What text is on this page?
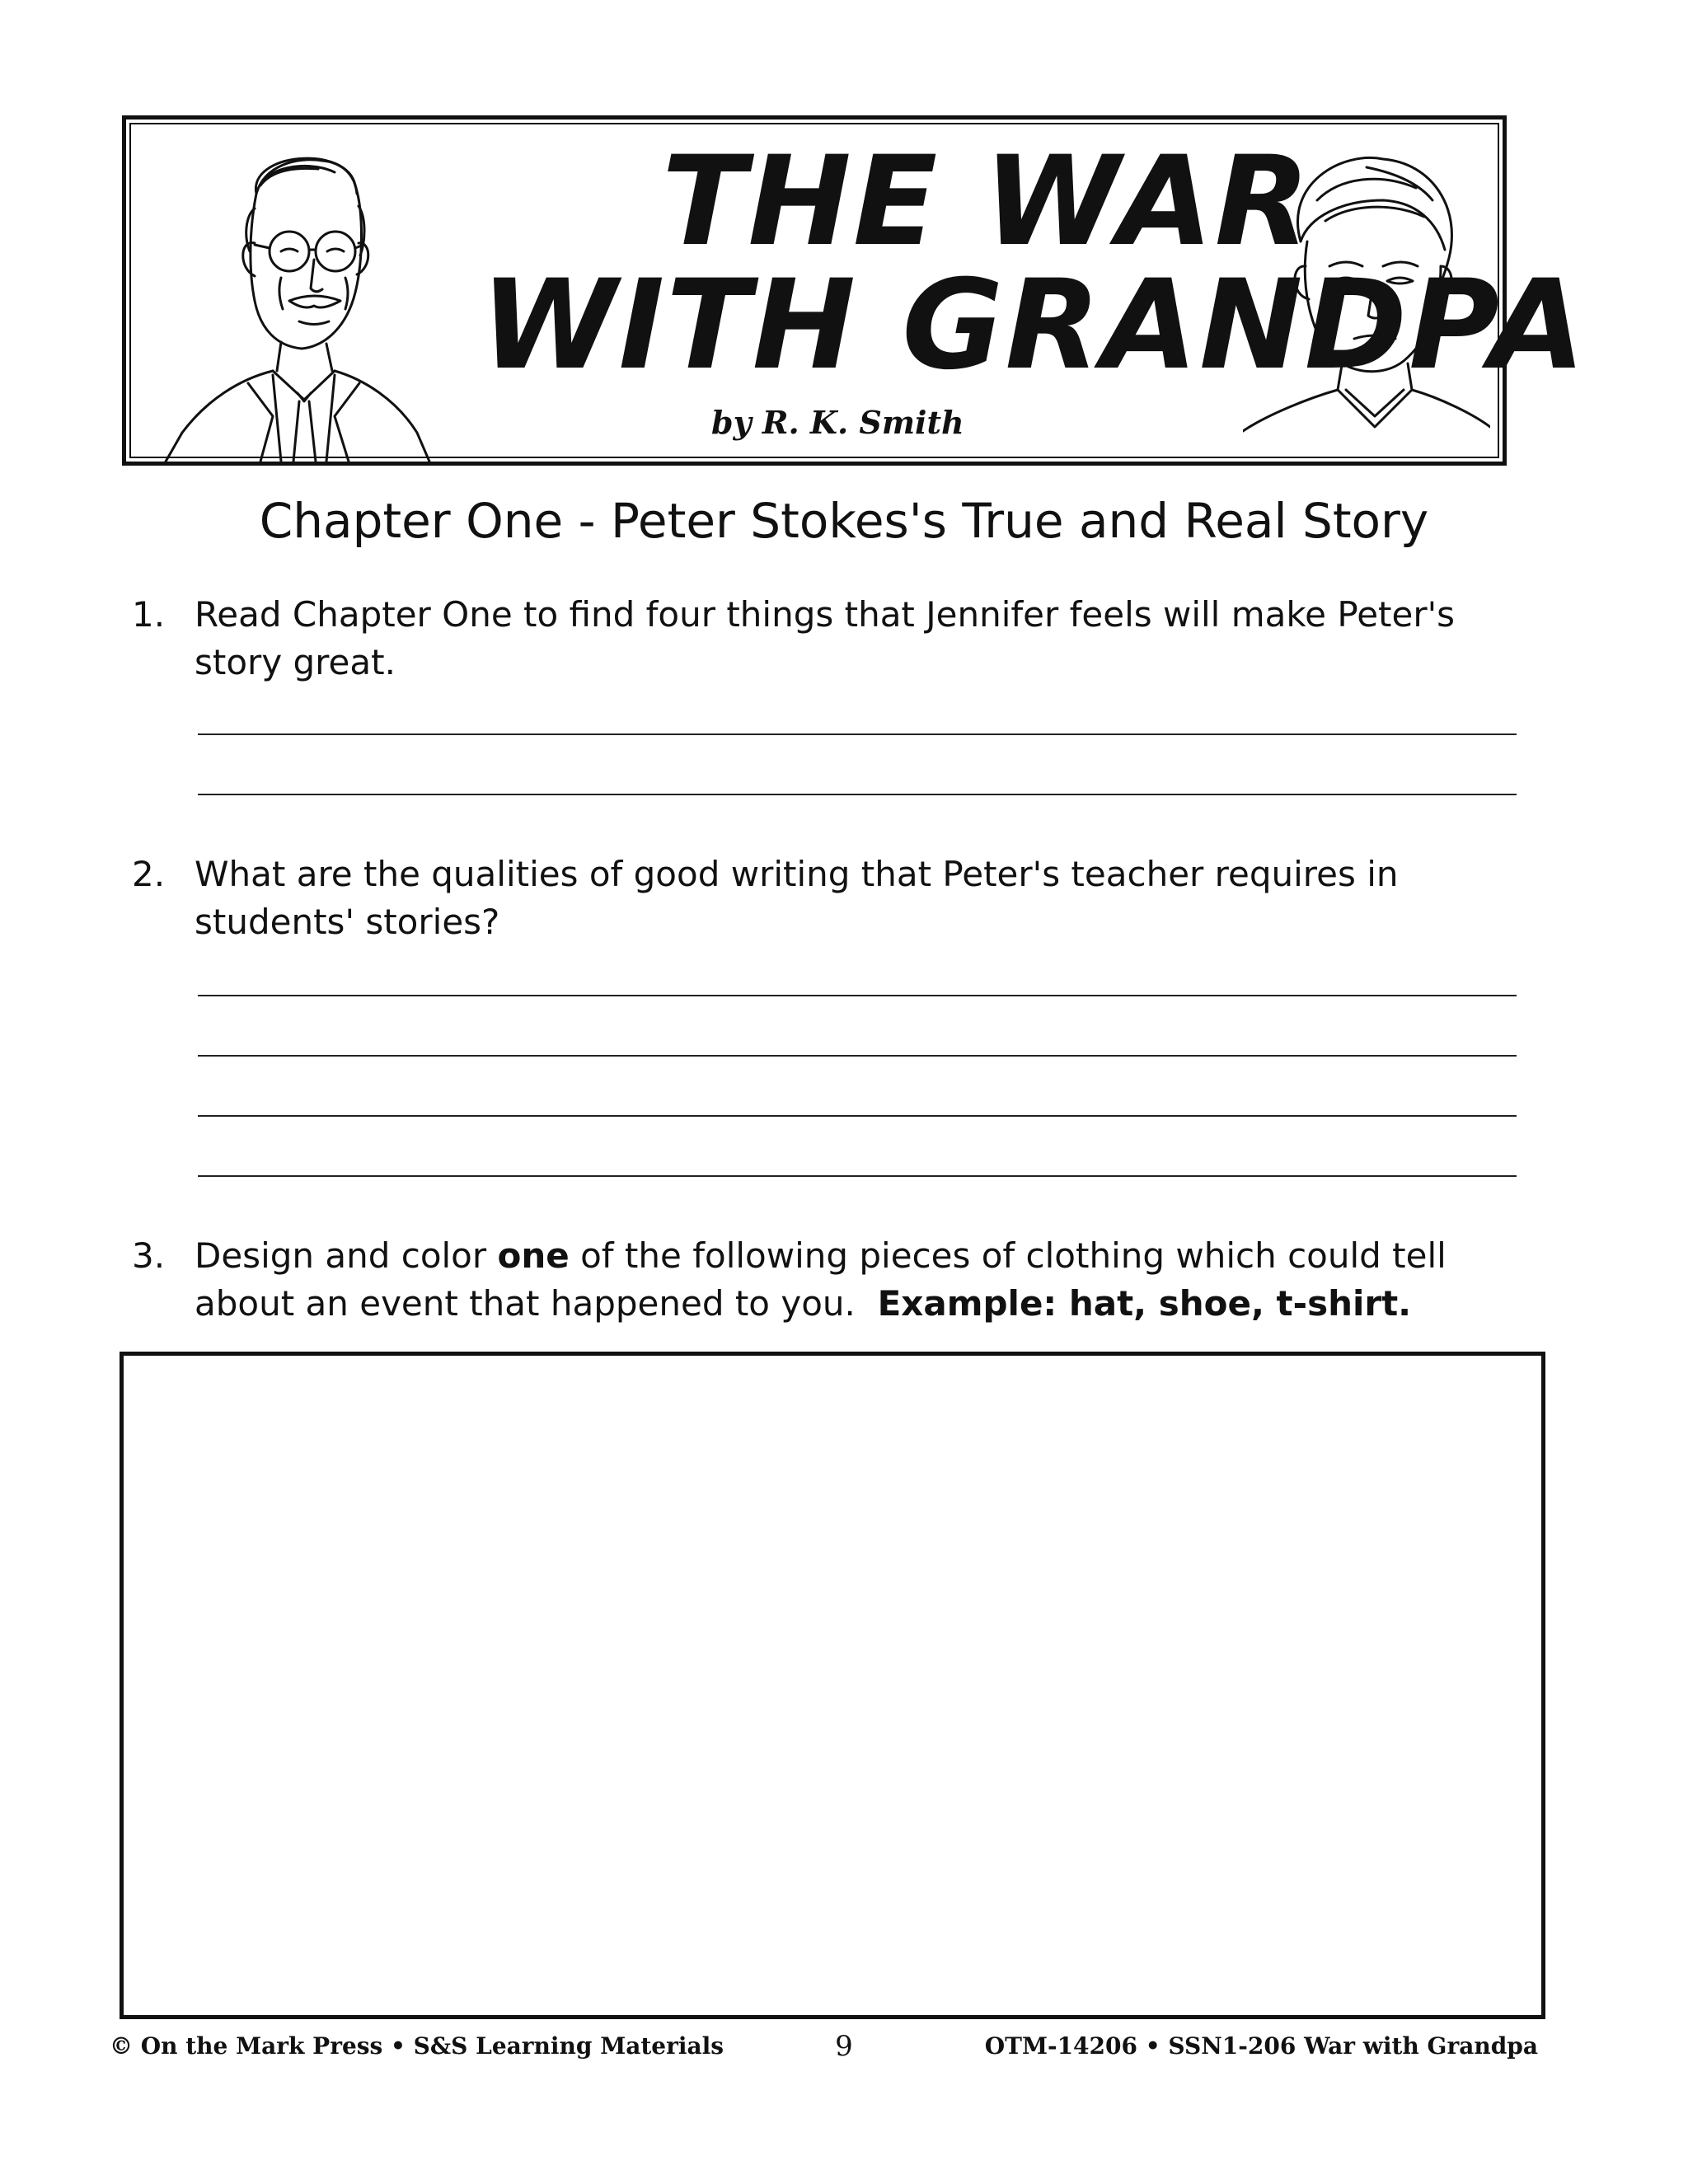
THE WAR
WITH GRANDPA
by R. K. Smith
Chapter One - Peter Stokes's True and Real Story
1. Read Chapter One to find four things that Jennifer feels will make Peter's story great.
2. What are the qualities of good writing that Peter's teacher requires in students' stories?
3. Design and color one of the following pieces of clothing which could tell about an event that happened to you. Example: hat, shoe, t-shirt.
© On the Mark Press • S&S Learning Materials	9	OTM-14206 • SSN1-206 War with Grandpa
